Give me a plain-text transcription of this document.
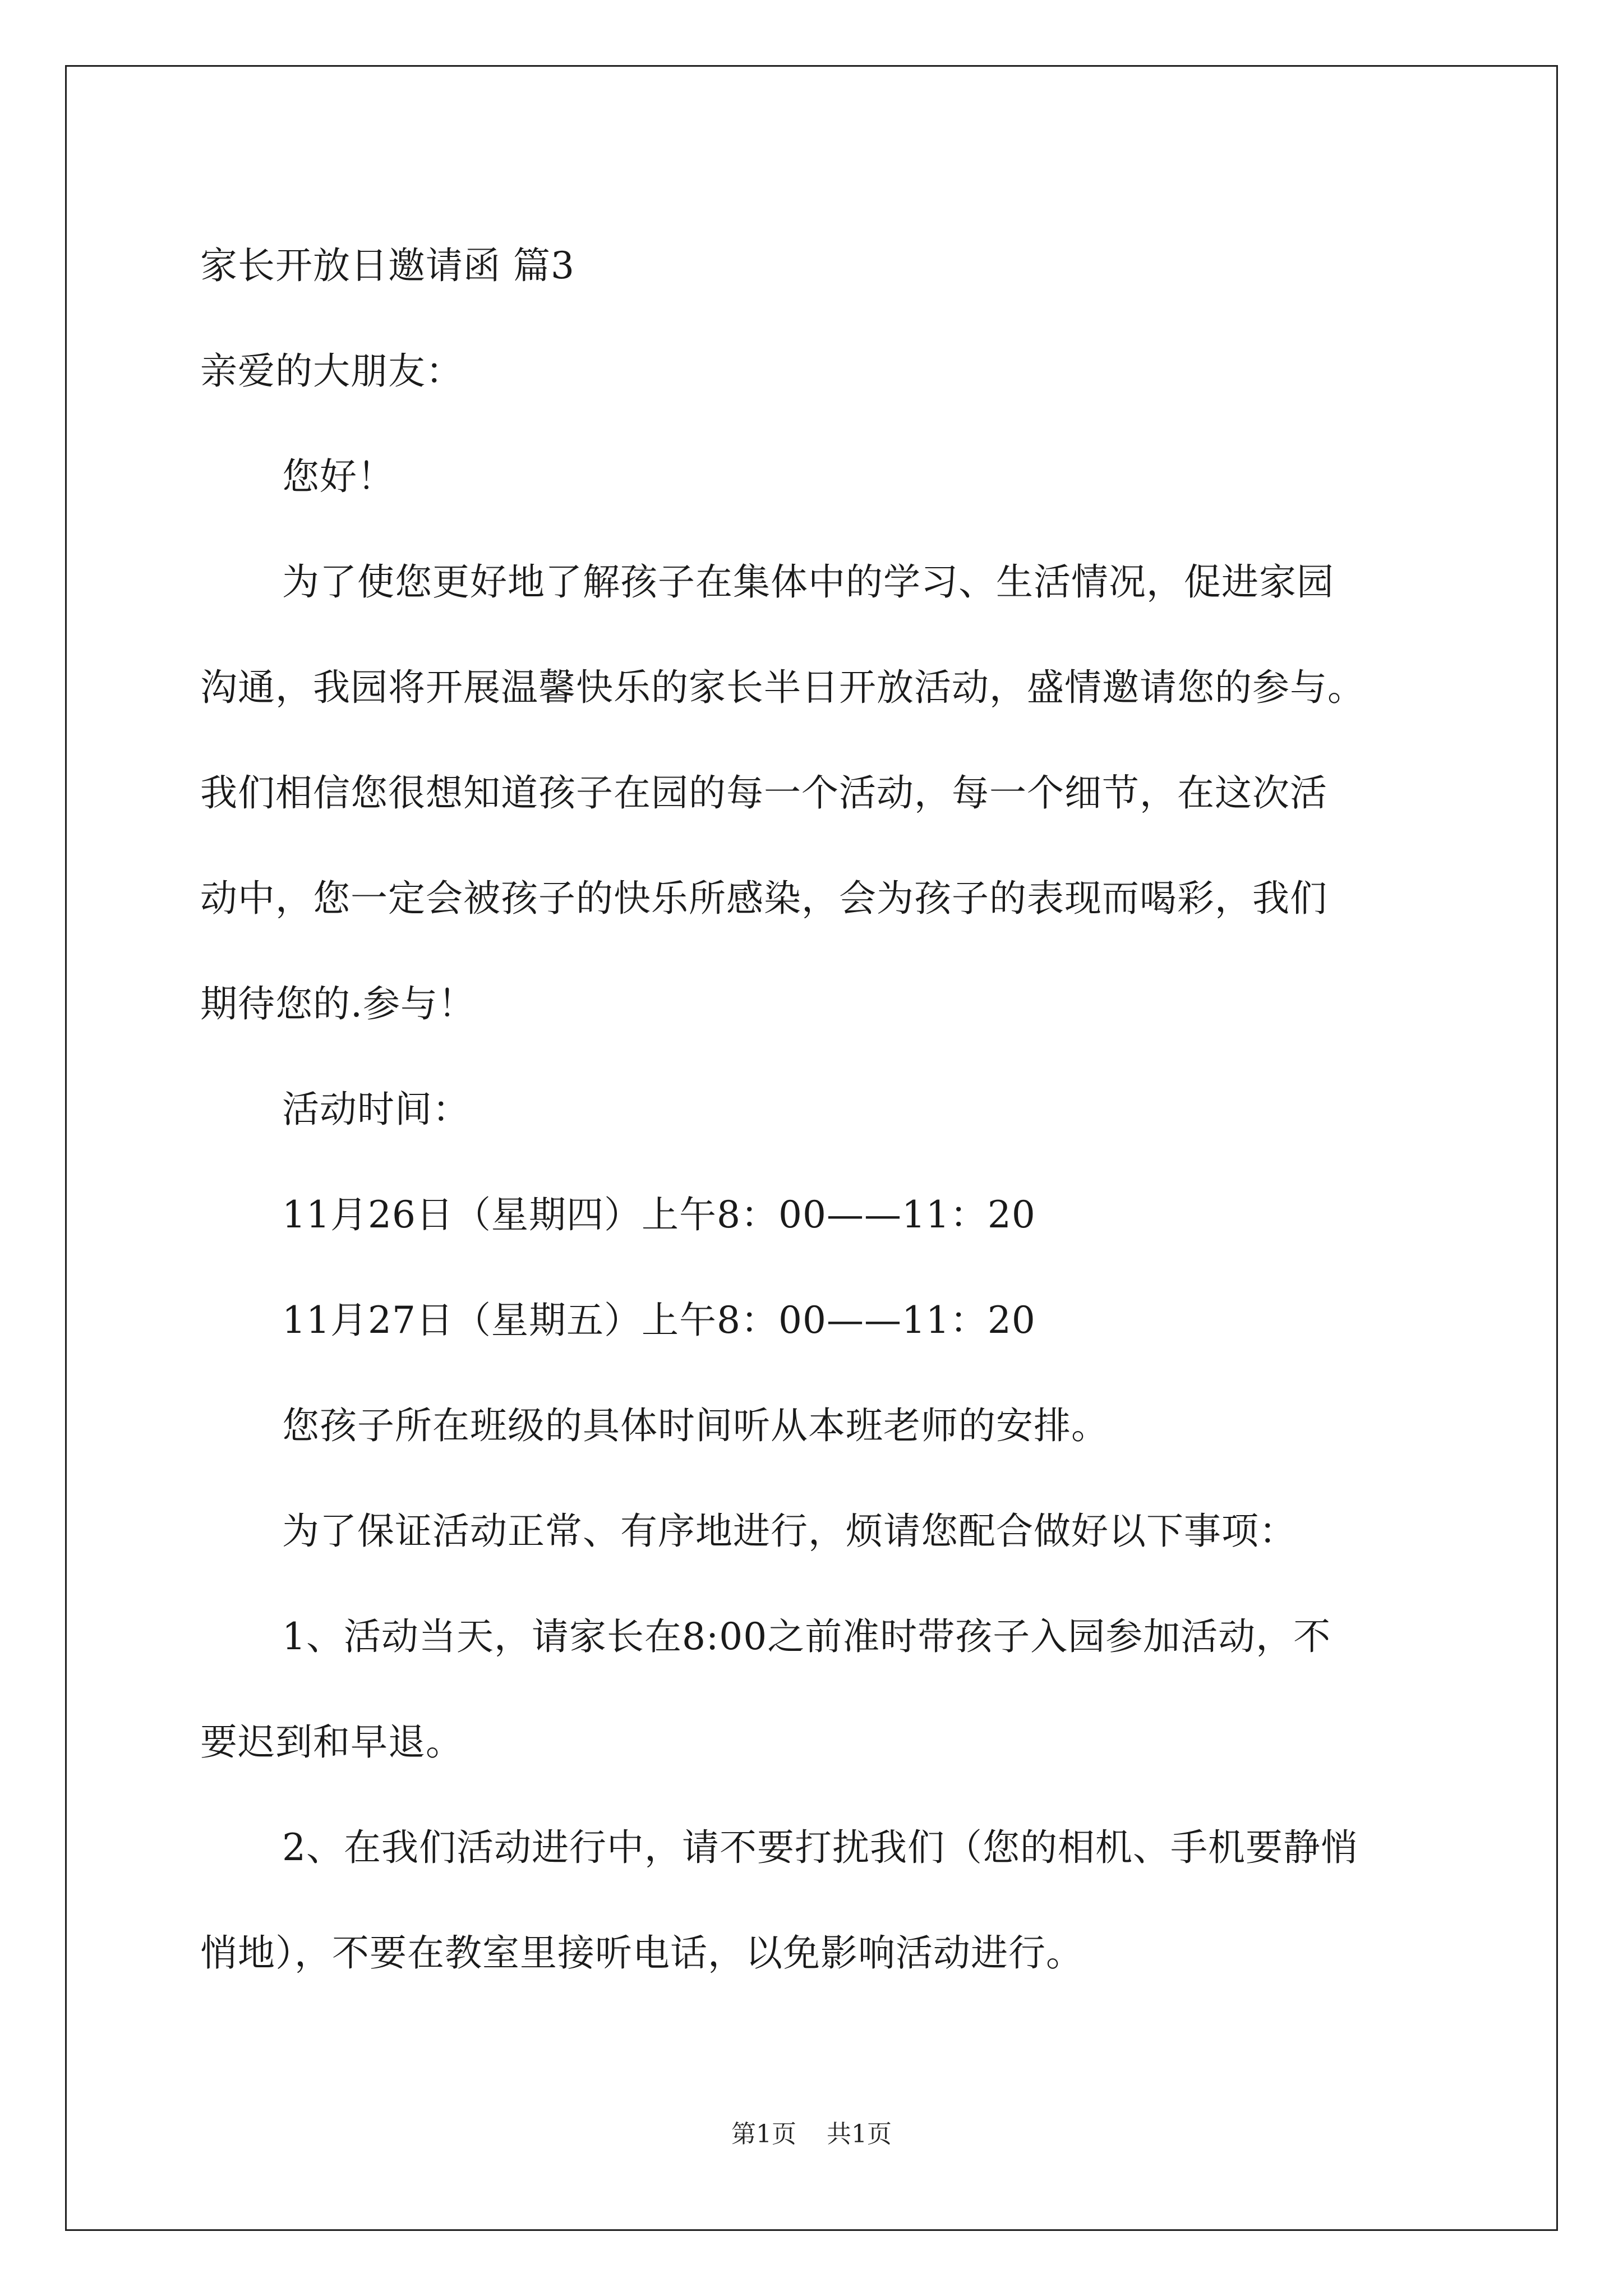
家长开放日邀请函 篇3
亲爱的大朋友：
您好！
为了使您更好地了解孩子在集体中的学习、生活情况，促进家园
沟通，我园将开展温馨快乐的家长半日开放活动，盛情邀请您的参与。
我们相信您很想知道孩子在园的每一个活动，每一个细节，在这次活
动中，您一定会被孩子的快乐所感染，会为孩子的表现而喝彩，我们
期待您的.参与！
活动时间：
11月26日（星期四）上午8：00——11：20
11月27日（星期五）上午8：00——11：20
您孩子所在班级的具体时间听从本班老师的安排。
为了保证活动正常、有序地进行，烦请您配合做好以下事项：
1、活动当天，请家长在8:00之前准时带孩子入园参加活动，不
要迟到和早退。
2、在我们活动进行中，请不要打扰我们（您的相机、手机要静悄
悄地），不要在教室里接听电话，以免影响活动进行。
第1页 共1页
